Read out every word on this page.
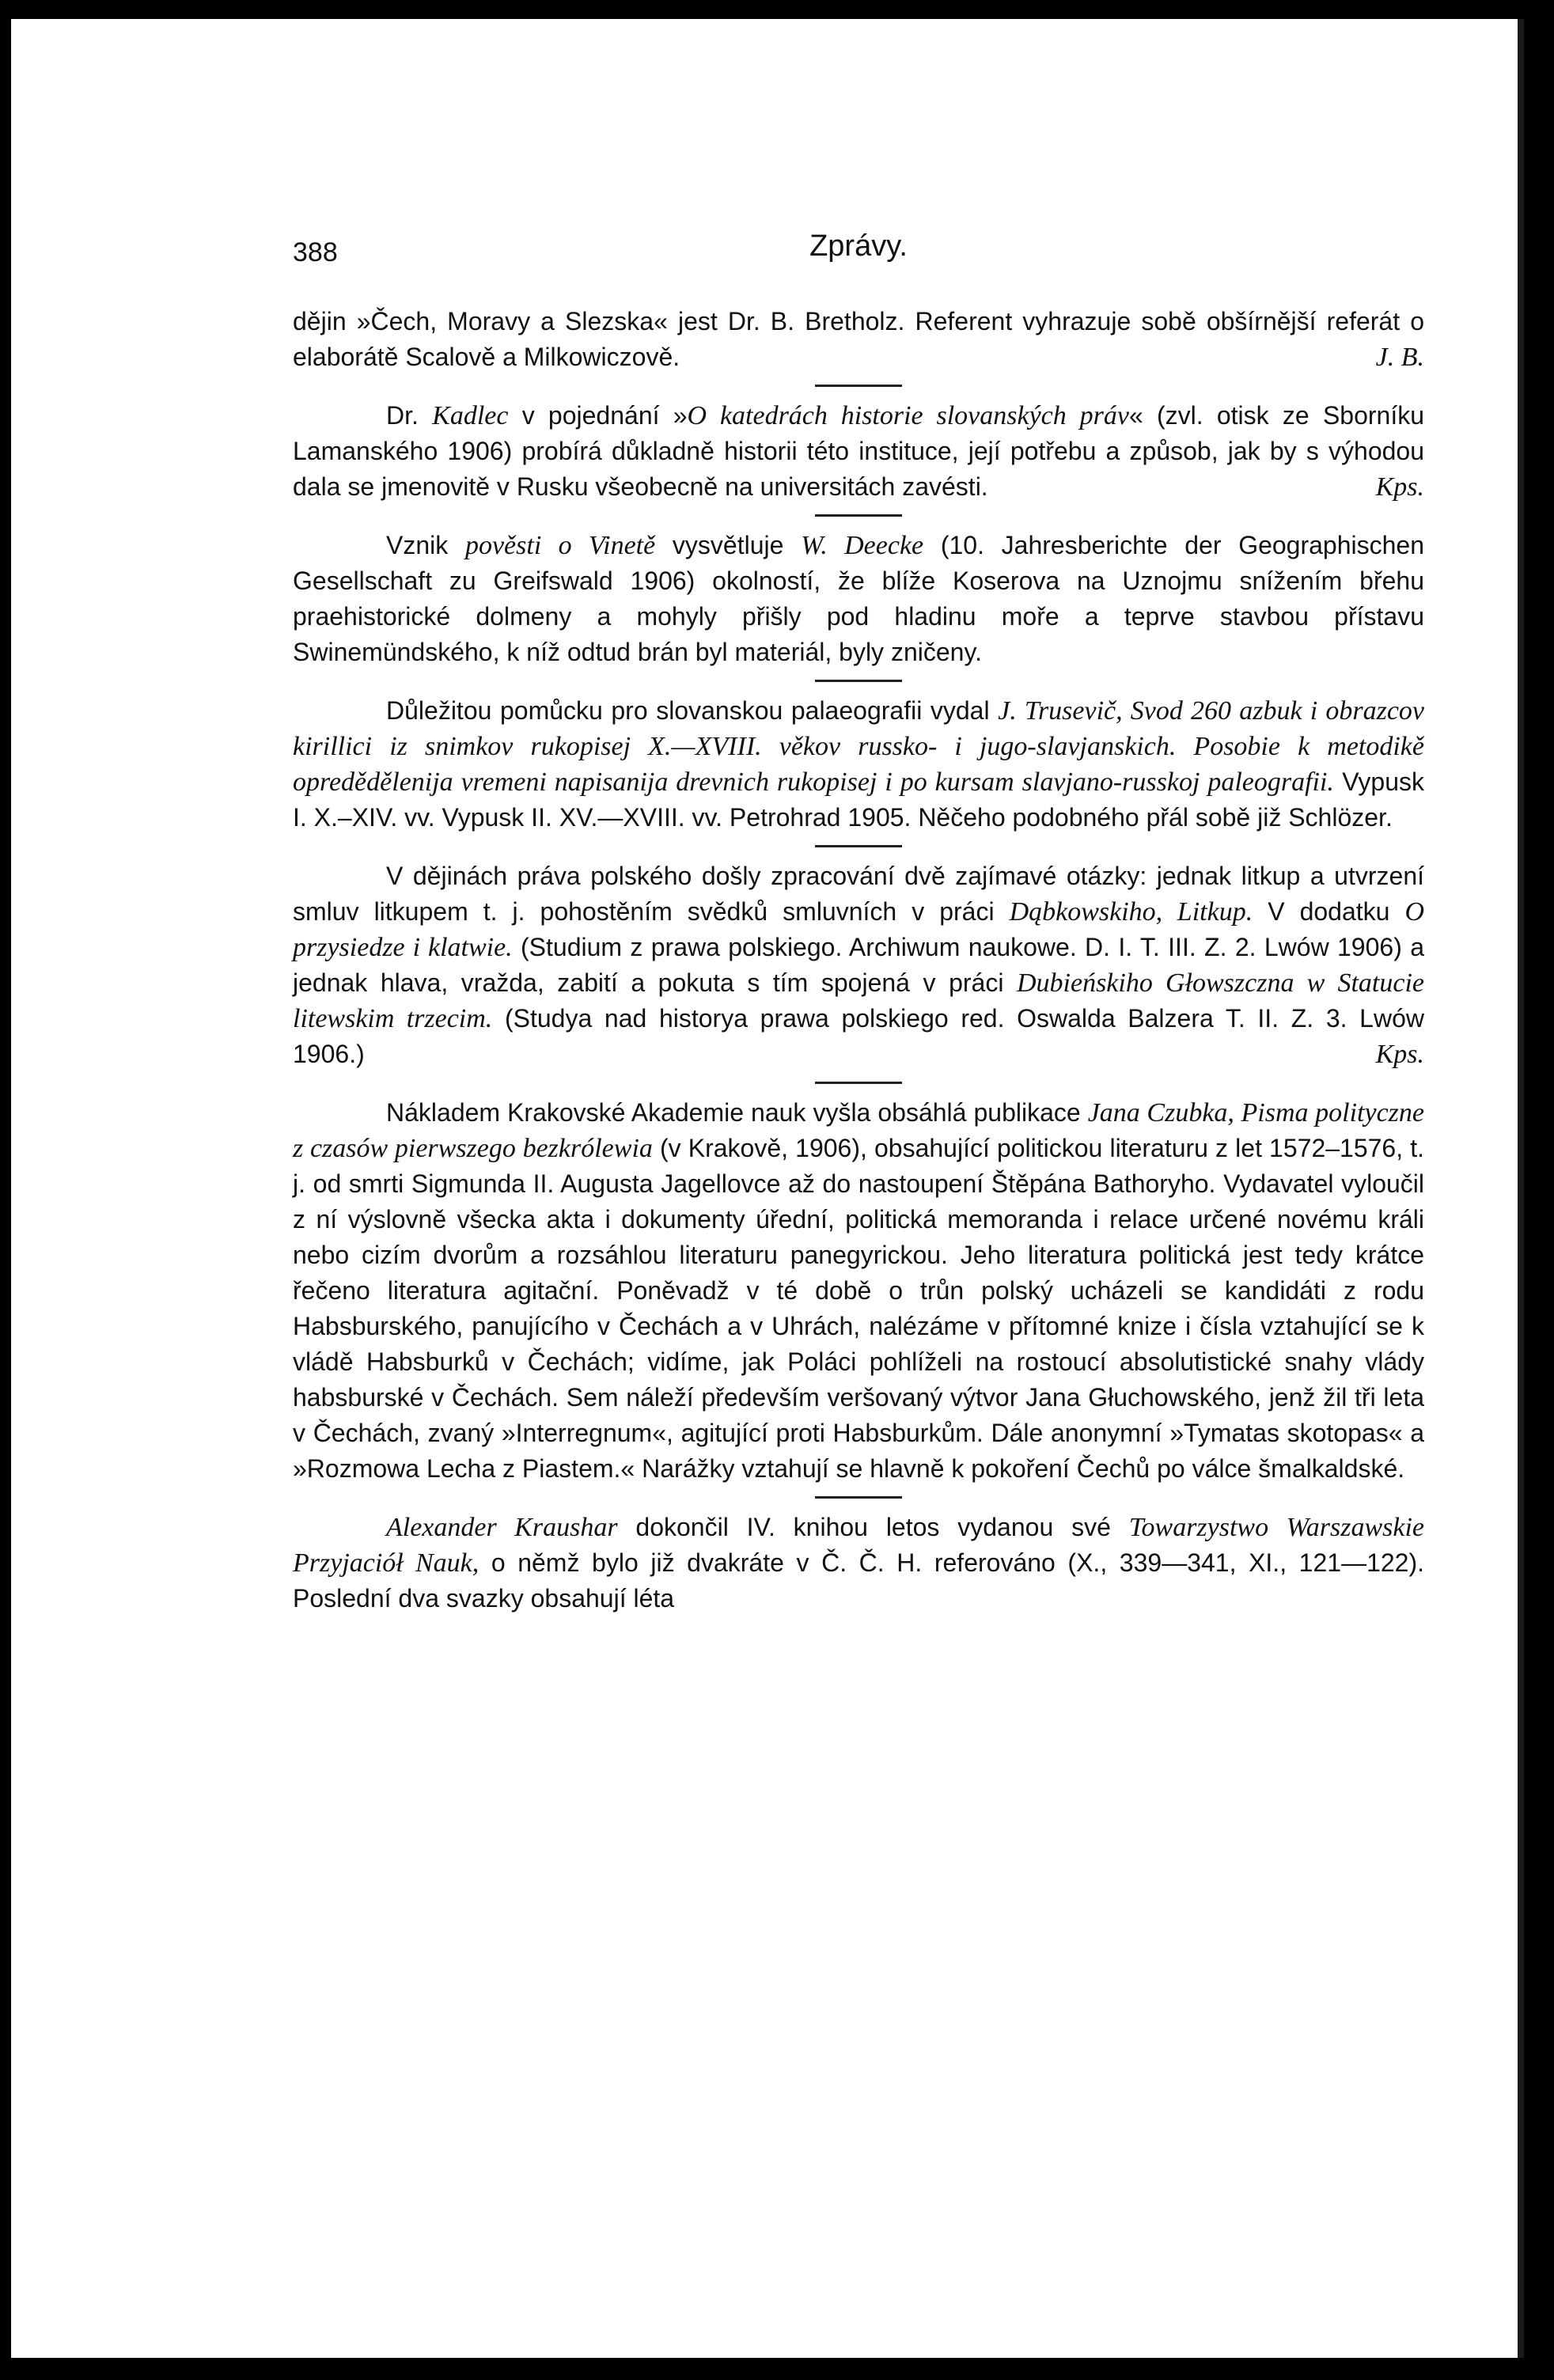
388	Zprávy.

dějin »Čech, Moravy a Slezska« jest Dr. B. Bretholz. Referent vyhrazuje sobě obšírnější referát o elaborátě Scalově a Milkowiczově.	J. B.

Dr. Kadlec v pojednání »O katedrách historie slovanských práv« (zvl. otisk ze Sborníku Lamanského 1906) probírá důkladně historii této instituce, její potřebu a způsob, jak by s výhodou dala se jmenovitě v Rusku všeobecně na universitách zavésti.	Kps.

Vznik pověsti o Vinetě vysvětluje W. Deecke (10. Jahresberichte der Geographischen Gesellschaft zu Greifswald 1906) okolností, že blíže Koserova na Uznojmu snížením břehu praehistorické dolmeny a mohyly přišly pod hladinu moře a teprve stavbou přístavu Swinemündského, k níž odtud brán byl materiál, byly zničeny.

Důležitou pomůcku pro slovanskou palaeografii vydal J. Trusevič, Svod 260 azbuk i obrazcov kirillici iz snimkov rukopisej X.—XVIII. věkov russko- i jugo-slavjanskich. Posobie k metodikě opredědělenija vremeni napisanija drevnich rukopisej i po kursam slavjano-russkoj paleografii. Vypusk I. X.–XIV. vv. Vypusk II. XV.—XVIII. vv. Petrohrad 1905. Něčeho podobného přál sobě již Schlözer.

V dějinách práva polského došly zpracování dvě zajímavé otázky: jednak litkup a utvrzení smluv litkupem t. j. pohostěním svědků smluvních v práci Dąbkowskiho, Litkup. V dodatku O przysiedze i klatwie. (Studium z prawa polskiego. Archiwum naukowe. D. I. T. III. Z. 2. Lwów 1906) a jednak hlava, vražda, zabití a pokuta s tím spojená v práci Dubieńskiho Głowszczna w Statucie litewskim trzecim. (Studya nad historya prawa polskiego red. Oswalda Balzera T. II. Z. 3. Lwów 1906.)	Kps.

Nákladem Krakovské Akademie nauk vyšla obsáhlá publikace Jana Czubka, Pisma polityczne z czasów pierwszego bezkrólewia (v Krakově, 1906), obsahující politickou literaturu z let 1572–1576, t. j. od smrti Sigmunda II. Augusta Jagellovce až do nastoupení Štěpána Bathoryho. Vydavatel vyloučil z ní výslovně všecka akta i dokumenty úřední, politická memoranda i relace určené novému králi nebo cizím dvorům a rozsáhlou literaturu panegyrickou. Jeho literatura politická jest tedy krátce řečeno literatura agitační. Poněvadž v té době o trůn polský ucházeli se kandidáti z rodu Habsburského, panujícího v Čechách a v Uhrách, nalézáme v přítomné knize i čísla vztahující se k vládě Habsburků v Čechách; vidíme, jak Poláci pohlíželi na rostoucí absolutistické snahy vlády habsburské v Čechách. Sem náleží především veršovaný výtvor Jana Głuchowského, jenž žil tři leta v Čechách, zvaný »Interregnum«, agitující proti Habsburkům. Dále anonymní »Tymatas skotopas« a »Rozmowa Lecha z Piastem.« Narážky vztahují se hlavně k pokoření Čechů po válce šmalkaldské.

Alexander Kraushar dokončil IV. knihou letos vydanou své Towarzystwo Warszawskie Przyjaciół Nauk, o němž bylo již dvakráte v Č. Č. H. referováno (X., 339—341, XI., 121—122). Poslední dva svazky obsahují léta
